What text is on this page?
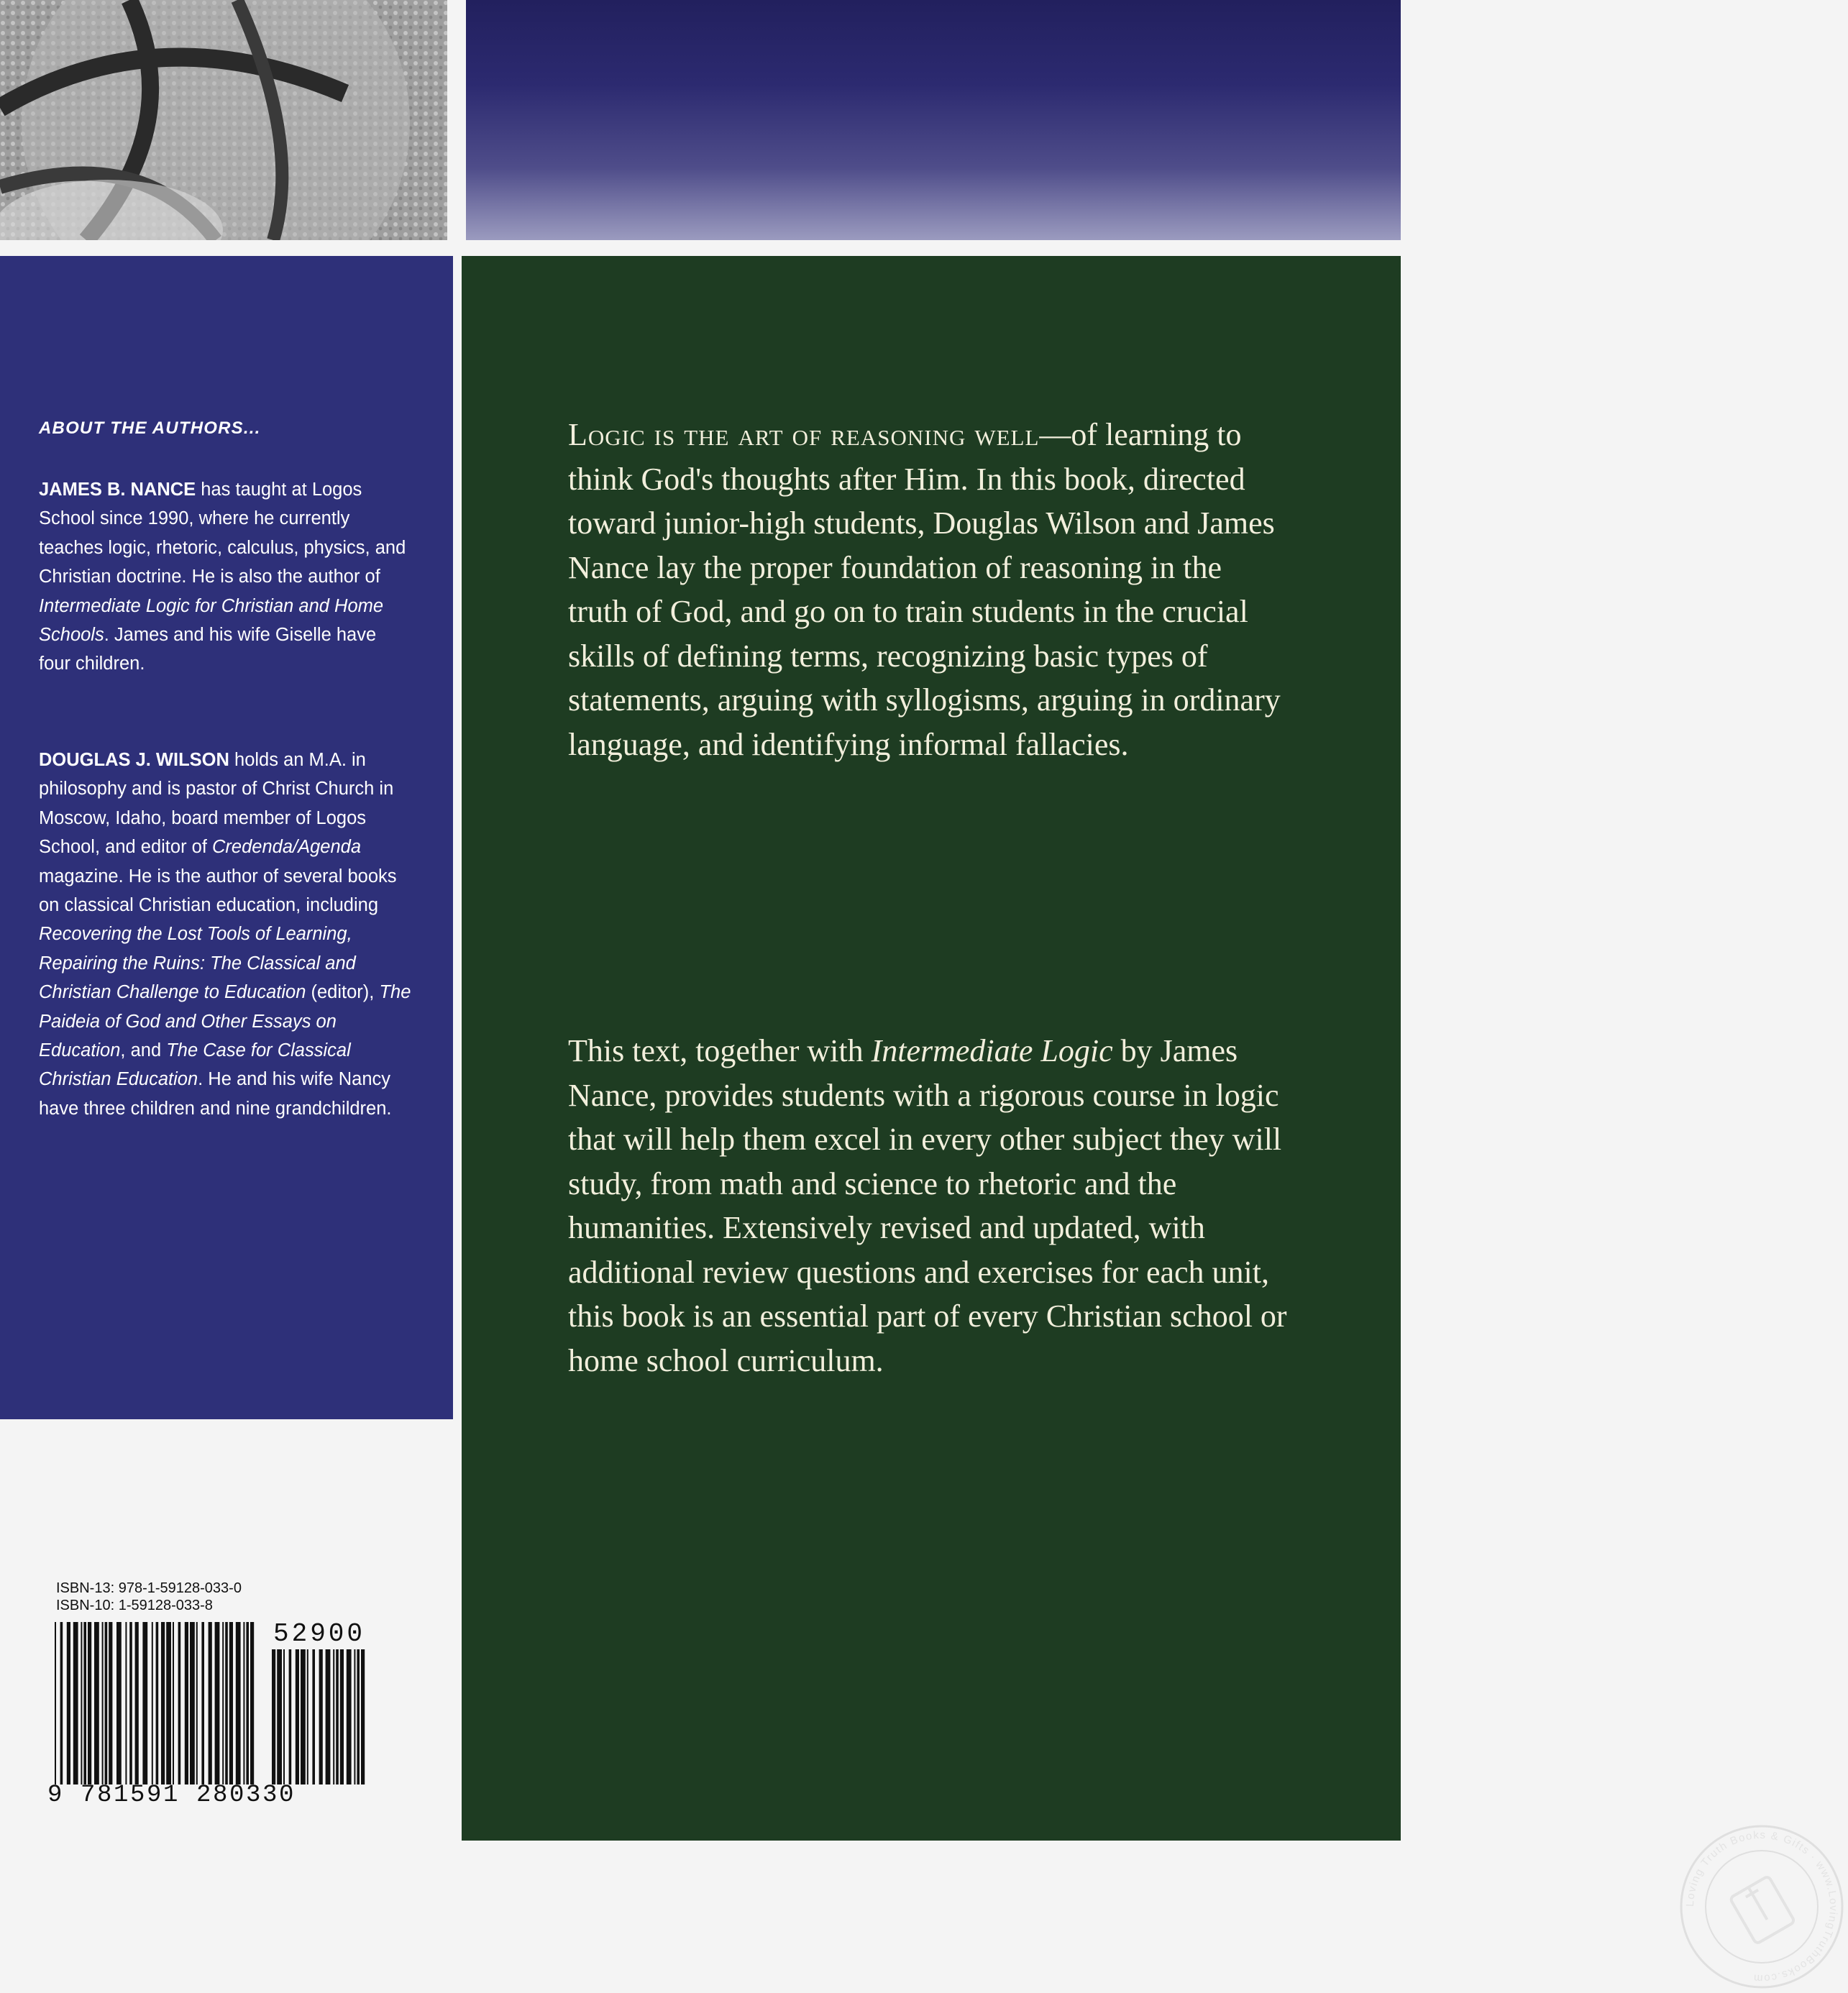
ABOUT THE AUTHORS...

JAMES B. NANCE has taught at Logos School since 1990, where he currently teaches logic, rhetoric, calculus, physics, and Christian doctrine. He is also the author of Intermediate Logic for Christian and Home Schools. James and his wife Giselle have four children.

DOUGLAS J. WILSON holds an M.A. in philosophy and is pastor of Christ Church in Moscow, Idaho, board member of Logos School, and editor of Credenda/Agenda magazine. He is the author of several books on classical Christian education, including Recovering the Lost Tools of Learning, Repairing the Ruins: The Classical and Christian Challenge to Education (editor), The Paideia of God and Other Essays on Education, and The Case for Classical Christian Education. He and his wife Nancy have three children and nine grandchildren.

Logic is the art of reasoning well—of learning to think God's thoughts after Him. In this book, directed toward junior-high students, Douglas Wilson and James Nance lay the proper foundation of reasoning in the truth of God, and go on to train students in the crucial skills of defining terms, recognizing basic types of statements, arguing with syllogisms, arguing in ordinary language, and identifying informal fallacies.

This text, together with Intermediate Logic by James Nance, provides students with a rigorous course in logic that will help them excel in every other subject they will study, from math and science to rhetoric and the humanities. Extensively revised and updated, with additional review questions and exercises for each unit, this book is an essential part of every Christian school or home school curriculum.

Loving Truth Books & Gifts · www.LovingTruthBooks.com

ISBN-13: 978-1-59128-033-0

ISBN-10: 1-59128-033-8

52900

9 781591 280330
